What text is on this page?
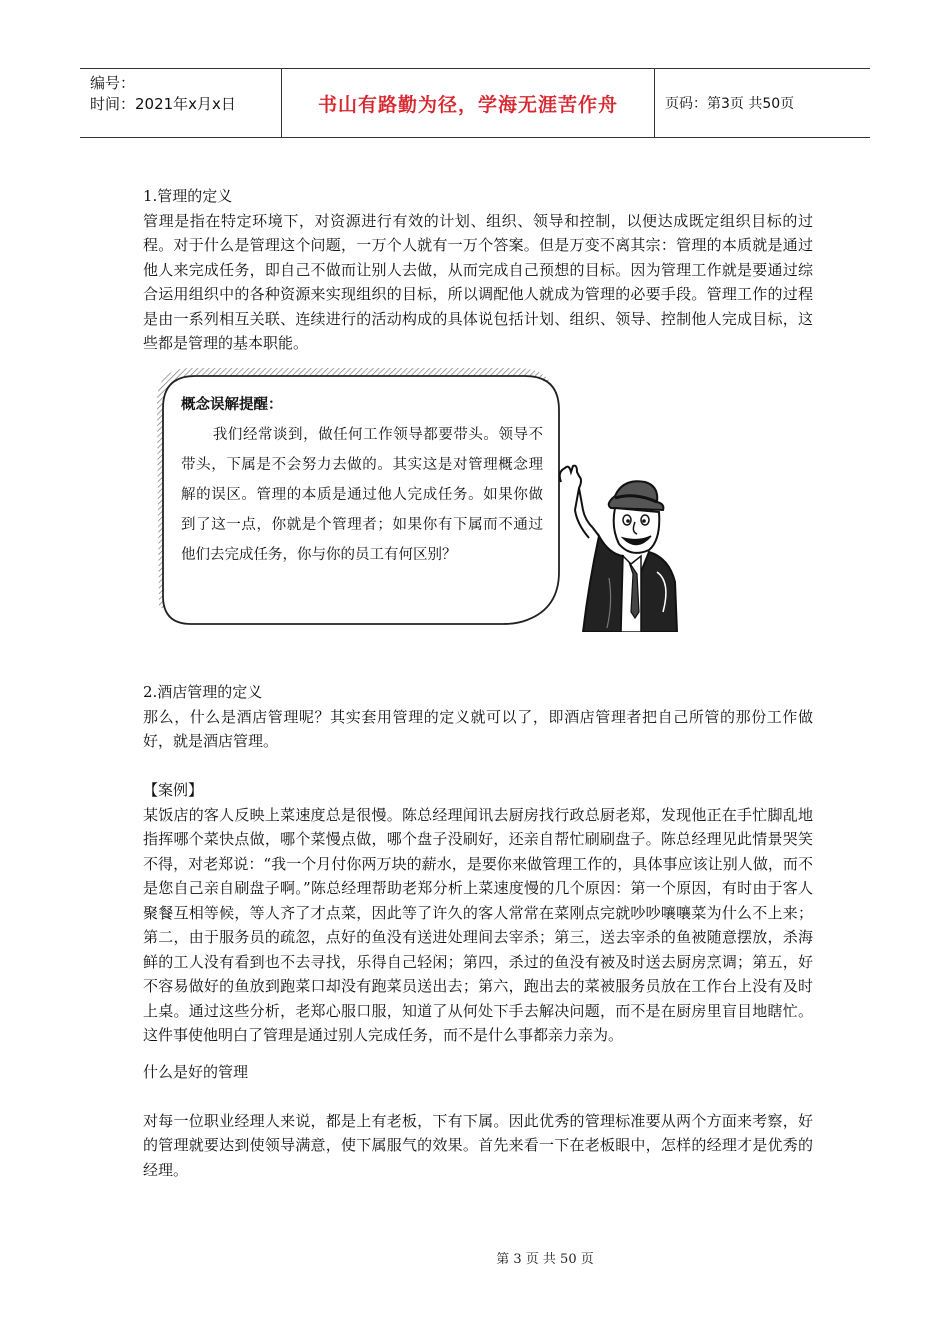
编号：
时间：2021年x月x日	书山有路勤为径，学海无涯苦作舟	页码：第3页 共50页

1.管理的定义

管理是指在特定环境下，对资源进行有效的计划、组织、领导和控制，以便达成既定组织目标的过程。对于什么是管理这个问题，一万个人就有一万个答案。但是万变不离其宗：管理的本质就是通过他人来完成任务，即自己不做而让别人去做，从而完成自己预想的目标。因为管理工作就是要通过综合运用组织中的各种资源来实现组织的目标，所以调配他人就成为管理的必要手段。管理工作的过程是由一系列相互关联、连续进行的活动构成的具体说包括计划、组织、领导、控制他人完成目标，这些都是管理的基本职能。

概念误解提醒：
我们经常谈到，做任何工作领导都要带头。领导不带头，下属是不会努力去做的。其实这是对管理概念理解的误区。管理的本质是通过他人完成任务。如果你做到了这一点，你就是个管理者；如果你有下属而不通过他们去完成任务，你与你的员工有何区别？

2.酒店管理的定义

那么，什么是酒店管理呢？其实套用管理的定义就可以了，即酒店管理者把自己所管的那份工作做好，就是酒店管理。

【案例】

某饭店的客人反映上菜速度总是很慢。陈总经理闻讯去厨房找行政总厨老郑，发现他正在手忙脚乱地指挥哪个菜快点做，哪个菜慢点做，哪个盘子没刷好，还亲自帮忙刷刷盘子。陈总经理见此情景哭笑不得，对老郑说：“我一个月付你两万块的薪水，是要你来做管理工作的，具体事应该让别人做，而不是您自己亲自刷盘子啊。”陈总经理帮助老郑分析上菜速度慢的几个原因：第一个原因，有时由于客人聚餐互相等候，等人齐了才点菜，因此等了许久的客人常常在菜刚点完就吵吵嚷嚷菜为什么不上来；第二，由于服务员的疏忽，点好的鱼没有送进处理间去宰杀；第三，送去宰杀的鱼被随意摆放，杀海鲜的工人没有看到也不去寻找，乐得自己轻闲；第四，杀过的鱼没有被及时送去厨房烹调；第五，好不容易做好的鱼放到跑菜口却没有跑菜员送出去；第六，跑出去的菜被服务员放在工作台上没有及时上桌。通过这些分析，老郑心服口服，知道了从何处下手去解决问题，而不是在厨房里盲目地瞎忙。这件事使他明白了管理是通过别人完成任务，而不是什么事都亲力亲为。

什么是好的管理

对每一位职业经理人来说，都是上有老板，下有下属。因此优秀的管理标准要从两个方面来考察，好的管理就要达到使领导满意，使下属服气的效果。首先来看一下在老板眼中，怎样的经理才是优秀的经理。

第 3 页 共 50 页
